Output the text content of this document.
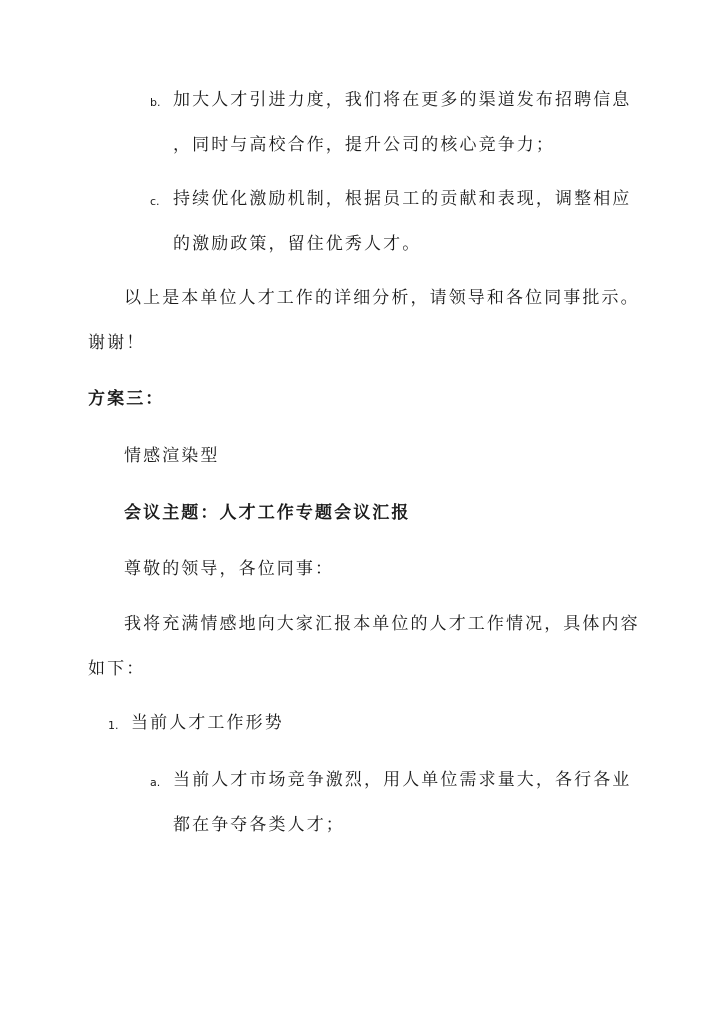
b. 加大人才引进力度，我们将在更多的渠道发布招聘信息
，同时与高校合作，提升公司的核心竞争力；
c. 持续优化激励机制，根据员工的贡献和表现，调整相应
的激励政策，留住优秀人才。
以上是本单位人才工作的详细分析，请领导和各位同事批示。
谢谢！
方案三：
情感渲染型
会议主题：人才工作专题会议汇报
尊敬的领导，各位同事：
我将充满情感地向大家汇报本单位的人才工作情况，具体内容
如下：
1. 当前人才工作形势
a. 当前人才市场竞争激烈，用人单位需求量大，各行各业
都在争夺各类人才；
